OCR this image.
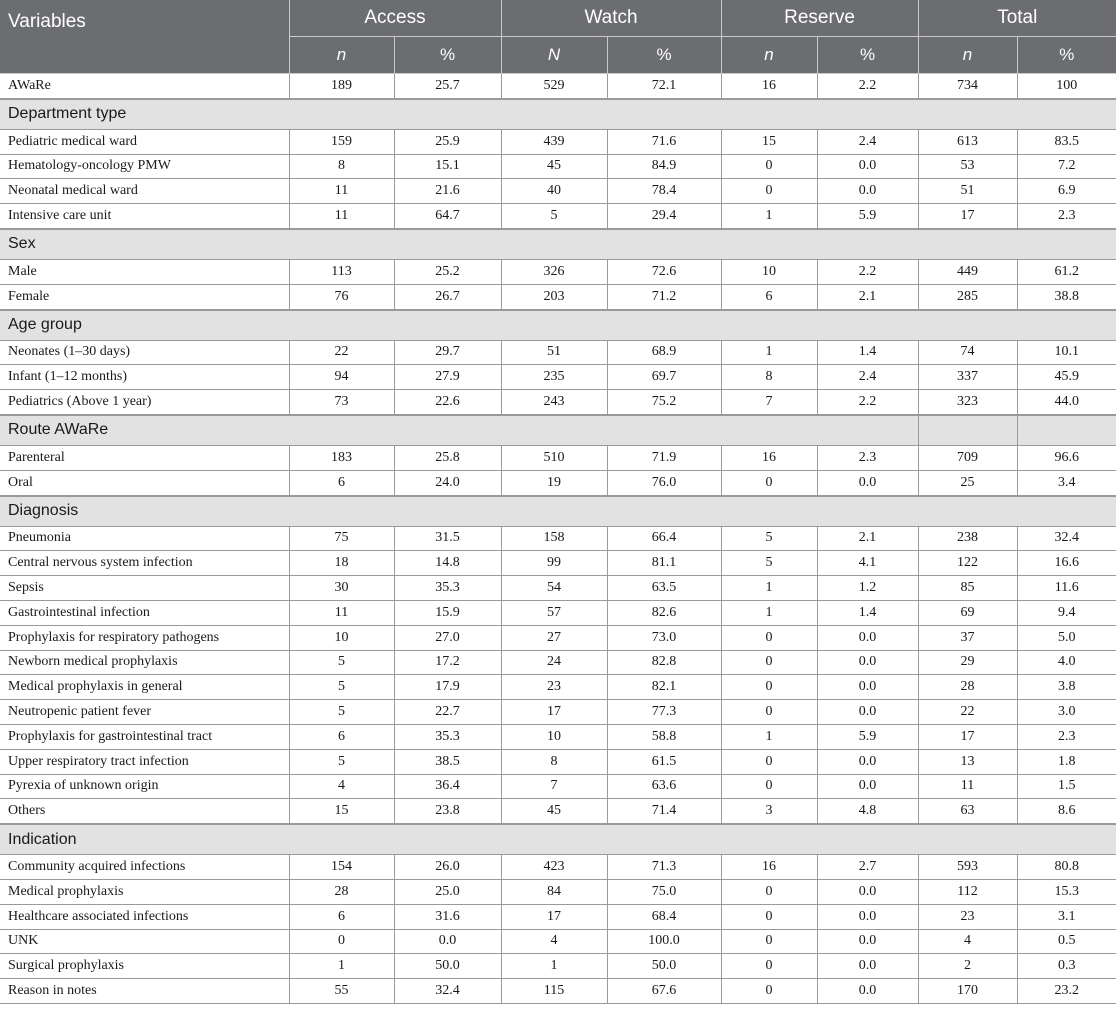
Variables	Access		Watch		Reserve		Total	
	n	%	N	%	n	%	n	%
AWaRe	189	25.7	529	72.1	16	2.2	734	100
Department type								
Pediatric medical ward	159	25.9	439	71.6	15	2.4	613	83.5
Hematology-oncology PMW	8	15.1	45	84.9	0	0.0	53	7.2
Neonatal medical ward	11	21.6	40	78.4	0	0.0	51	6.9
Intensive care unit	11	64.7	5	29.4	1	5.9	17	2.3
Sex								
Male	113	25.2	326	72.6	10	2.2	449	61.2
Female	76	26.7	203	71.2	6	2.1	285	38.8
Age group								
Neonates (1–30 days)	22	29.7	51	68.9	1	1.4	74	10.1
Infant (1–12 months)	94	27.9	235	69.7	8	2.4	337	45.9
Pediatrics (Above 1 year)	73	22.6	243	75.2	7	2.2	323	44.0
Route AWaRe								
Parenteral	183	25.8	510	71.9	16	2.3	709	96.6
Oral	6	24.0	19	76.0	0	0.0	25	3.4
Diagnosis								
Pneumonia	75	31.5	158	66.4	5	2.1	238	32.4
Central nervous system infection	18	14.8	99	81.1	5	4.1	122	16.6
Sepsis	30	35.3	54	63.5	1	1.2	85	11.6
Gastrointestinal infection	11	15.9	57	82.6	1	1.4	69	9.4
Prophylaxis for respiratory pathogens	10	27.0	27	73.0	0	0.0	37	5.0
Newborn medical prophylaxis	5	17.2	24	82.8	0	0.0	29	4.0
Medical prophylaxis in general	5	17.9	23	82.1	0	0.0	28	3.8
Neutropenic patient fever	5	22.7	17	77.3	0	0.0	22	3.0
Prophylaxis for gastrointestinal tract	6	35.3	10	58.8	1	5.9	17	2.3
Upper respiratory tract infection	5	38.5	8	61.5	0	0.0	13	1.8
Pyrexia of unknown origin	4	36.4	7	63.6	0	0.0	11	1.5
Others	15	23.8	45	71.4	3	4.8	63	8.6
Indication								
Community acquired infections	154	26.0	423	71.3	16	2.7	593	80.8
Medical prophylaxis	28	25.0	84	75.0	0	0.0	112	15.3
Healthcare associated infections	6	31.6	17	68.4	0	0.0	23	3.1
UNK	0	0.0	4	100.0	0	0.0	4	0.5
Surgical prophylaxis	1	50.0	1	50.0	0	0.0	2	0.3
Reason in notes	55	32.4	115	67.6	0	0.0	170	23.2
